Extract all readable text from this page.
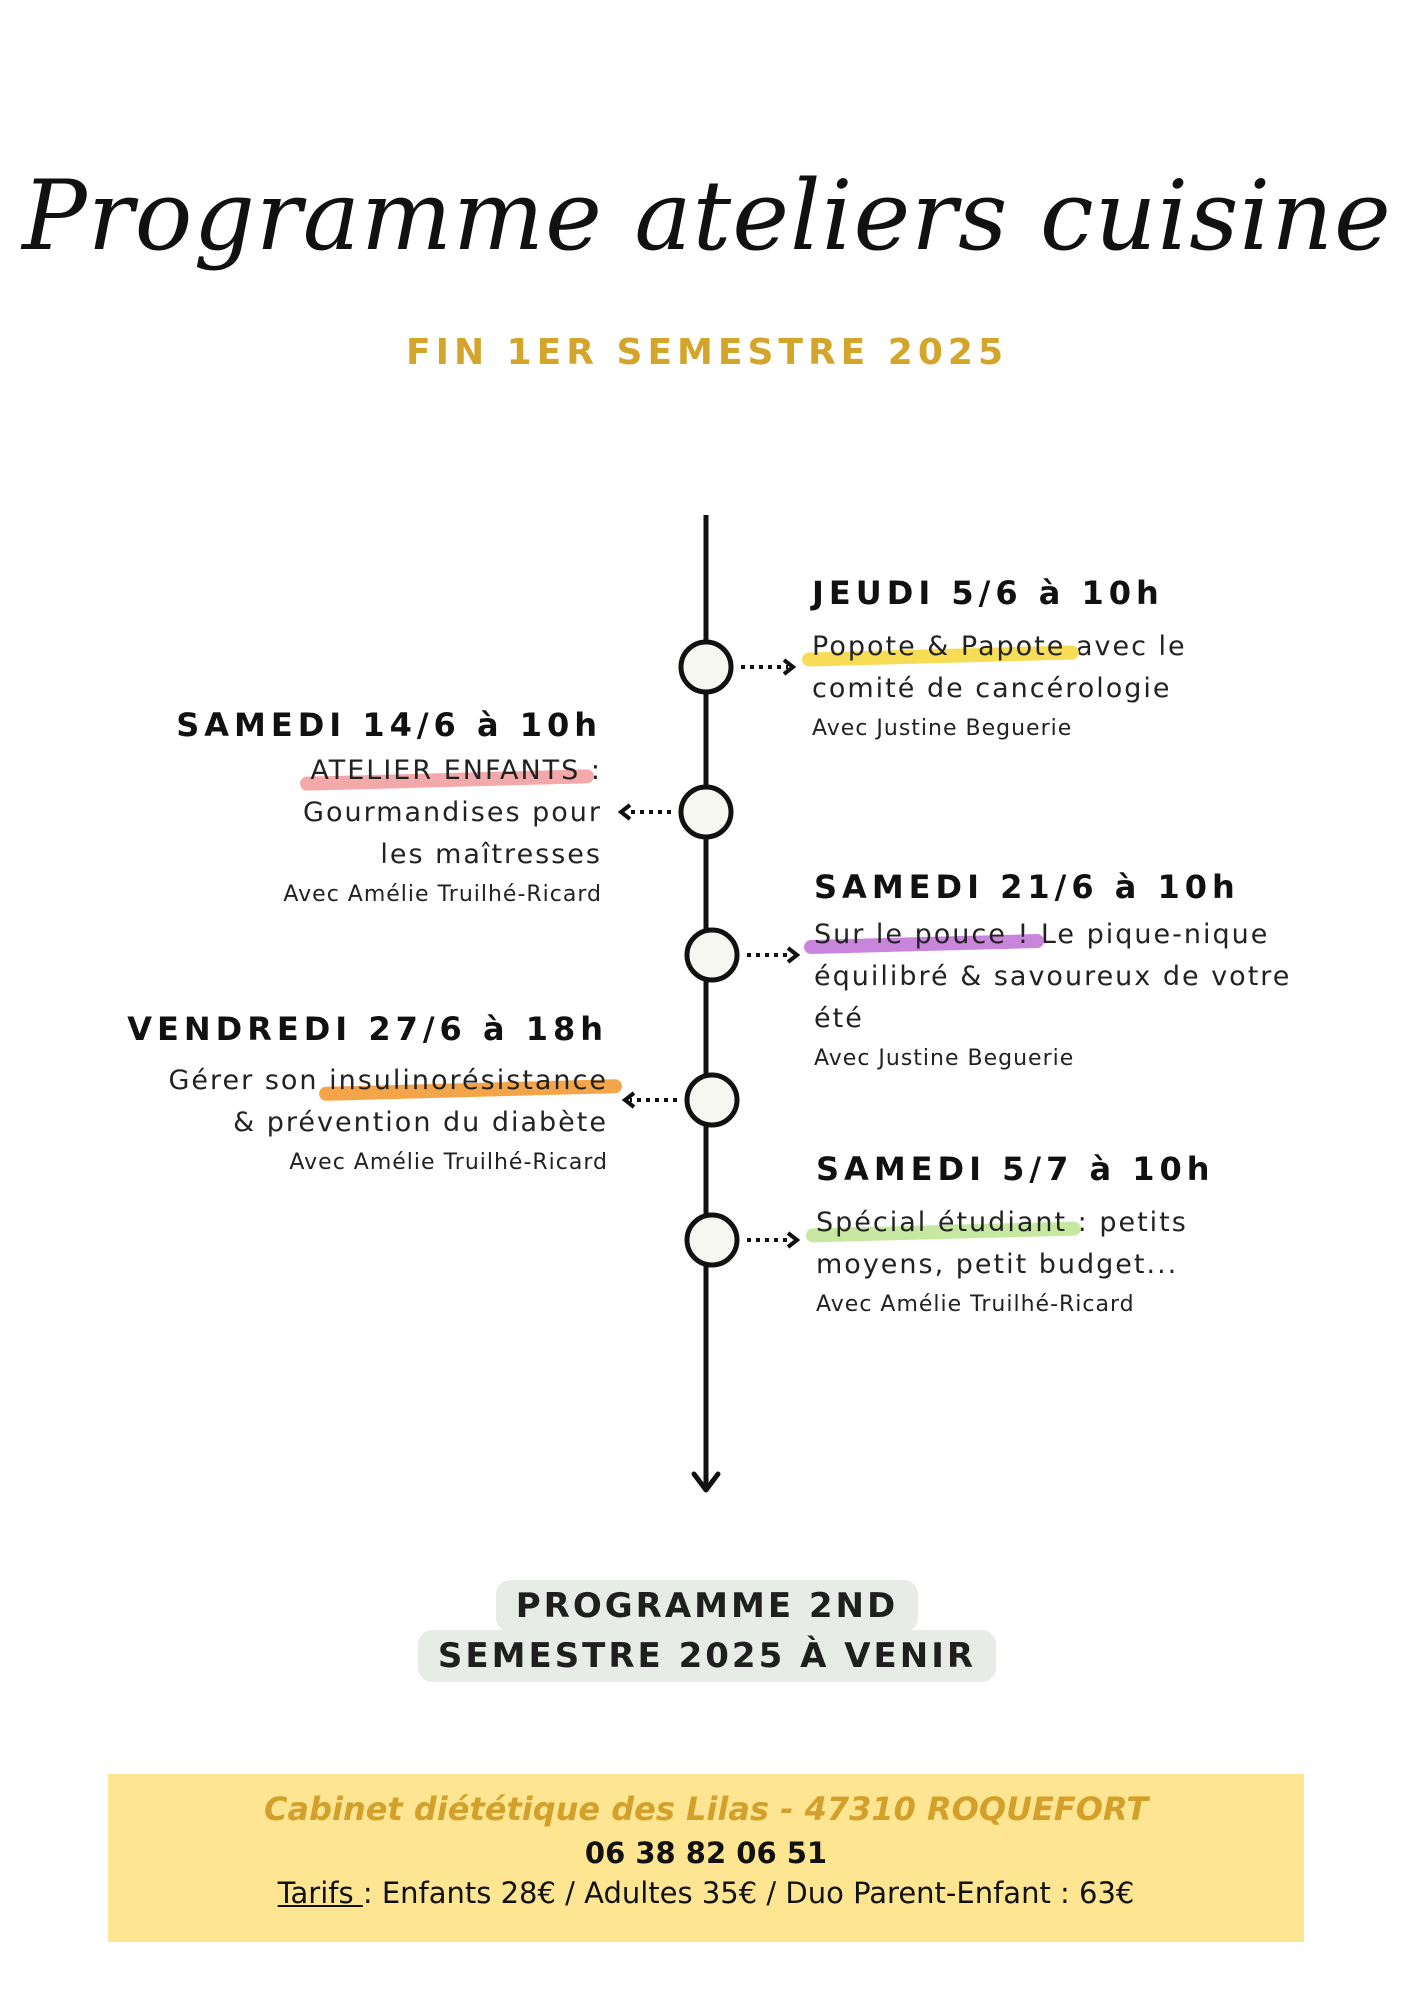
Programme ateliers cuisine
FIN 1ER SEMESTRE 2025
JEUDI 5/6 à 10h
Popote & Papote avec le comité de cancérologie
Avec Justine Beguerie
SAMEDI 21/6 à 10h
Sur le pouce ! Le pique-nique équilibré & savoureux de votre été
Avec Justine Beguerie
SAMEDI 5/7 à 10h
Spécial étudiant : petits moyens, petit budget...
Avec Amélie Truilhé-Ricard
SAMEDI 14/6 à 10h
ATELIER ENFANTS : Gourmandises pour les maîtresses
Avec Amélie Truilhé-Ricard
VENDREDI 27/6 à 18h
Gérer son insulinorésistance & prévention du diabète
Avec Amélie Truilhé-Ricard
PROGRAMME 2ND
SEMESTRE 2025 À VENIR
Cabinet diététique des Lilas - 47310 ROQUEFORT
06 38 82 06 51
Tarifs : Enfants 28€ / Adultes 35€ / Duo Parent-Enfant : 63€
